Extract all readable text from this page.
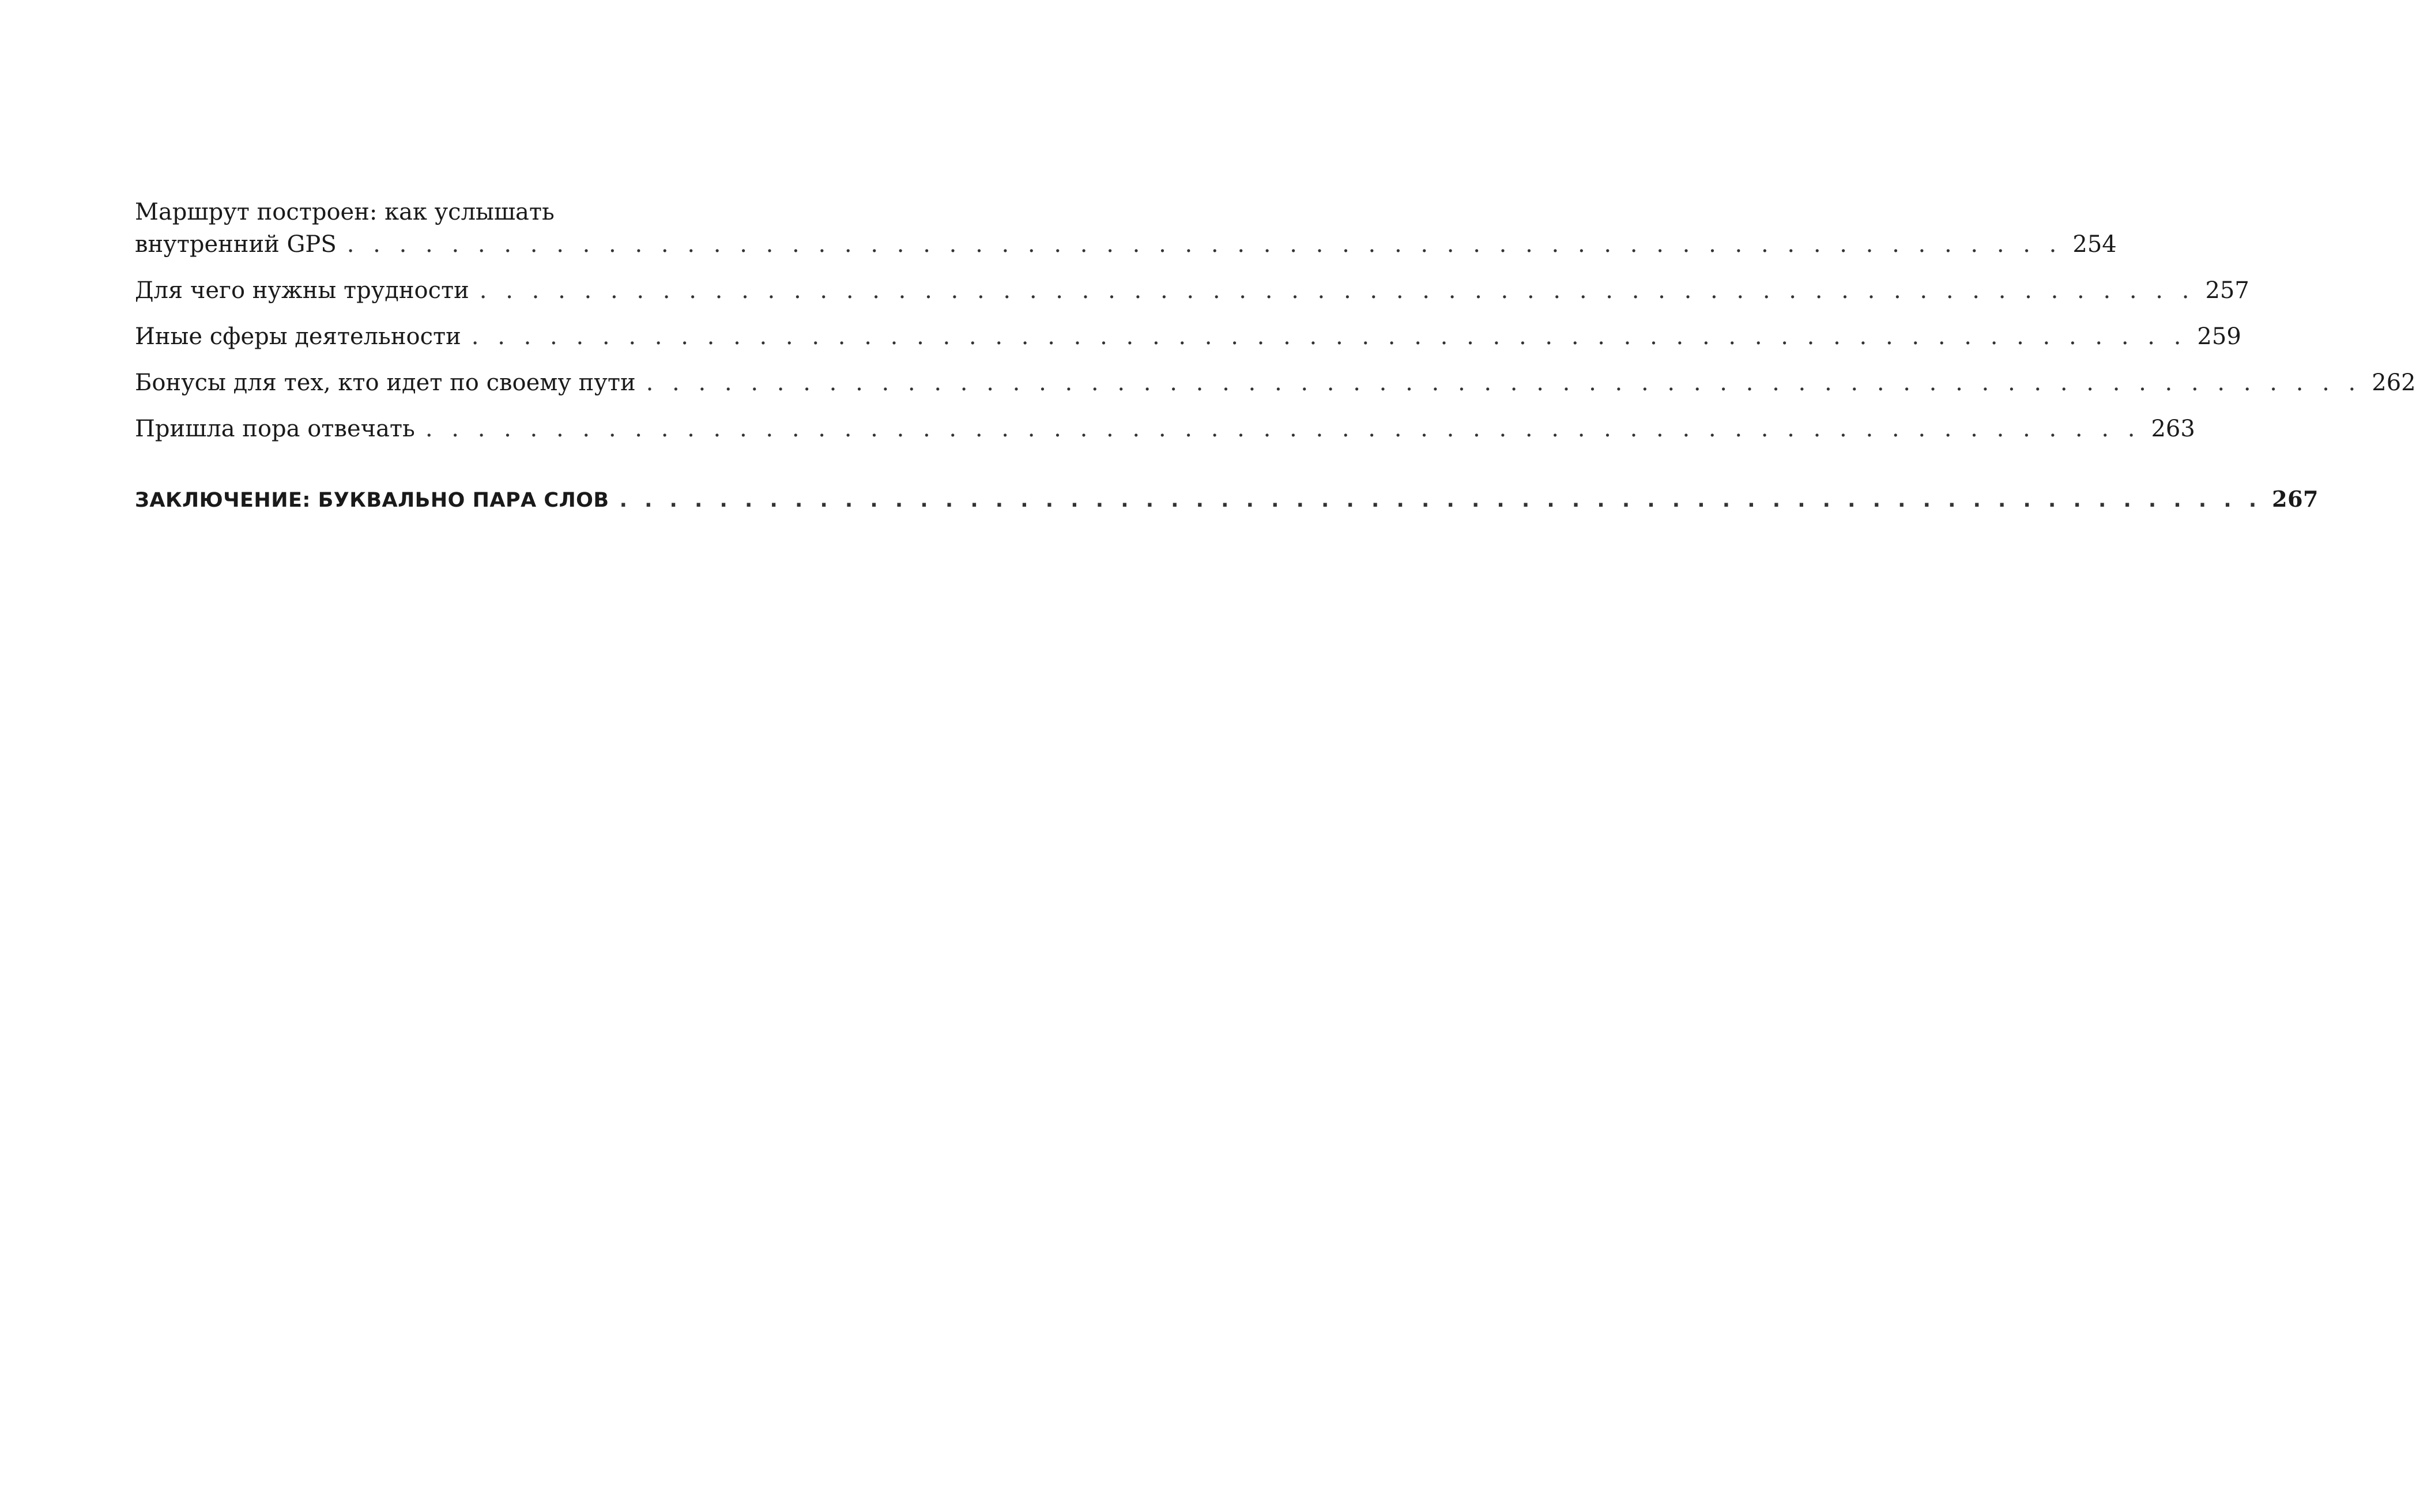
Маршрут построен: как услышать
внутренний GPS . . . . . . . . . . . . . . . . . . . . . . . . . . . . . . . . . . . . . . . . . . . . . . . . . . . . . . . . . . . . . . . . . . 254
Для чего нужны трудности . . . . . . . . . . . . . . . . . . . . . . . . . . . . . . . . . . . . . . . . . . . . . . . . . . . . . . . . . . . . . . . . . . 257
Иные сферы деятельности . . . . . . . . . . . . . . . . . . . . . . . . . . . . . . . . . . . . . . . . . . . . . . . . . . . . . . . . . . . . . . . . . . 259
Бонусы для тех, кто идет по своему пути . . . . . . . . . . . . . . . . . . . . . . . . . . . . . . . . . . . . . . . . . . . . . . . . . . . . . . . . . . . . . . . . . . 262
Пришла пора отвечать . . . . . . . . . . . . . . . . . . . . . . . . . . . . . . . . . . . . . . . . . . . . . . . . . . . . . . . . . . . . . . . . . . 263
ЗАКЛЮЧЕНИЕ: БУКВАЛЬНО ПАРА СЛОВ . . . . . . . . . . . . . . . . . . . . . . . . . . . . . . . . . . . . . . . . . . . . . . . . . . . . . . . . . . . . . . . . . . 267
